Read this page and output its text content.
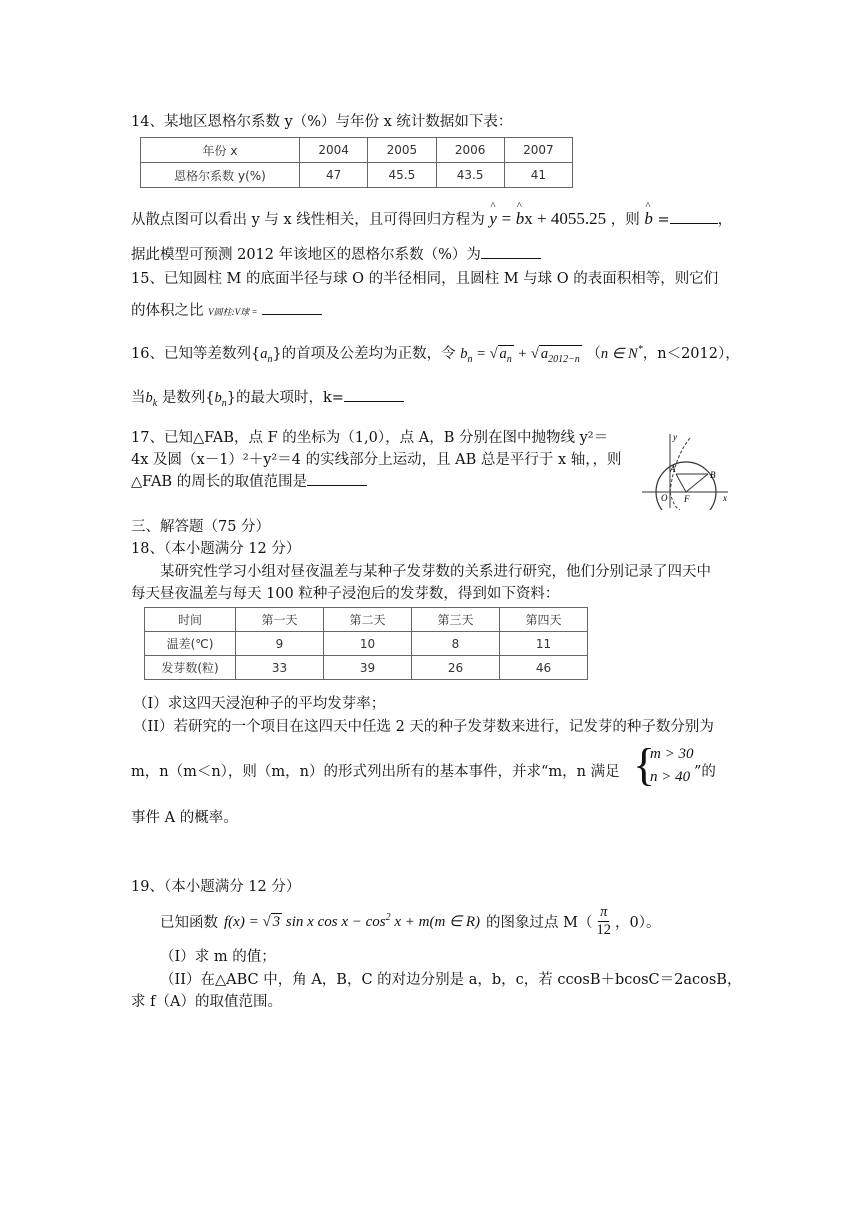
14、某地区恩格尔系数 y（%）与年份 x 统计数据如下表：
年份 x	2004	2005	2006	2007
恩格尔系数 y(%)	47	45.5	43.5	41
从散点图可以看出 y 与 x 线性相关，且可得回归方程为 ^ y = ^ bx + 4055.25 ，则 ^ b =	，
据此模型可预测 2012 年该地区的恩格尔系数（%）为
15、已知圆柱 M 的底面半径与球 O 的半径相同，且圆柱 M 与球 O 的表面积相等，则它们
的体积之比 V圆柱:V球 =
16、已知等差数列$\{a_n\}$的首项及公差均为正数，令 $b_n$ = √ $a_n$ + √ $a_{2012-n}$ （n ∈ N*，n＜2012），
当$b_k$ 是数列$\{b_n\}$的最大项时，k=
17、已知△FAB，点 F 的坐标为（1,0），点 A，B 分别在图中抛物线 y²＝
4x 及圆（x－1）²＋y²＝4 的实线部分上运动，且 AB 总是平行于 x 轴，，则
△FAB 的周长的取值范围是
y
x
O F
A
B
三、解答题（75 分）
18、（本小题满分 12 分）
某研究性学习小组对昼夜温差与某种子发芽数的关系进行研究，他们分别记录了四天中
每天昼夜温差与每天 100 粒种子浸泡后的发芽数，得到如下资料：
时间	第一天	第二天	第三天	第四天
温差(℃)	9	10	8	11
发芽数(粒)	33	39	26	46
（I）求这四天浸泡种子的平均发芽率；
（II）若研究的一个项目在这四天中任选 2 天的种子发芽数来进行，记发芽的种子数分别为
m，n（m＜n），则（m，n）的形式列出所有的基本事件，并求“m，n 满足 {
m > 30
n > 40 ”的
事件 A 的概率。
19、（本小题满分 12 分）
已知函数 f(x) = √ 3 sin x $\cos x - \cos^2 x + m(m$ ∈ R) 的图象过点 $M( \frac{\pi}{12}$ ，0）。
（I）求 m 的值；
（II）在△ABC 中，角 A，B，C 的对边分别是 a，b，c，若 ccosB＋bcosC＝2acosB，
求 f（A）的取值范围。
